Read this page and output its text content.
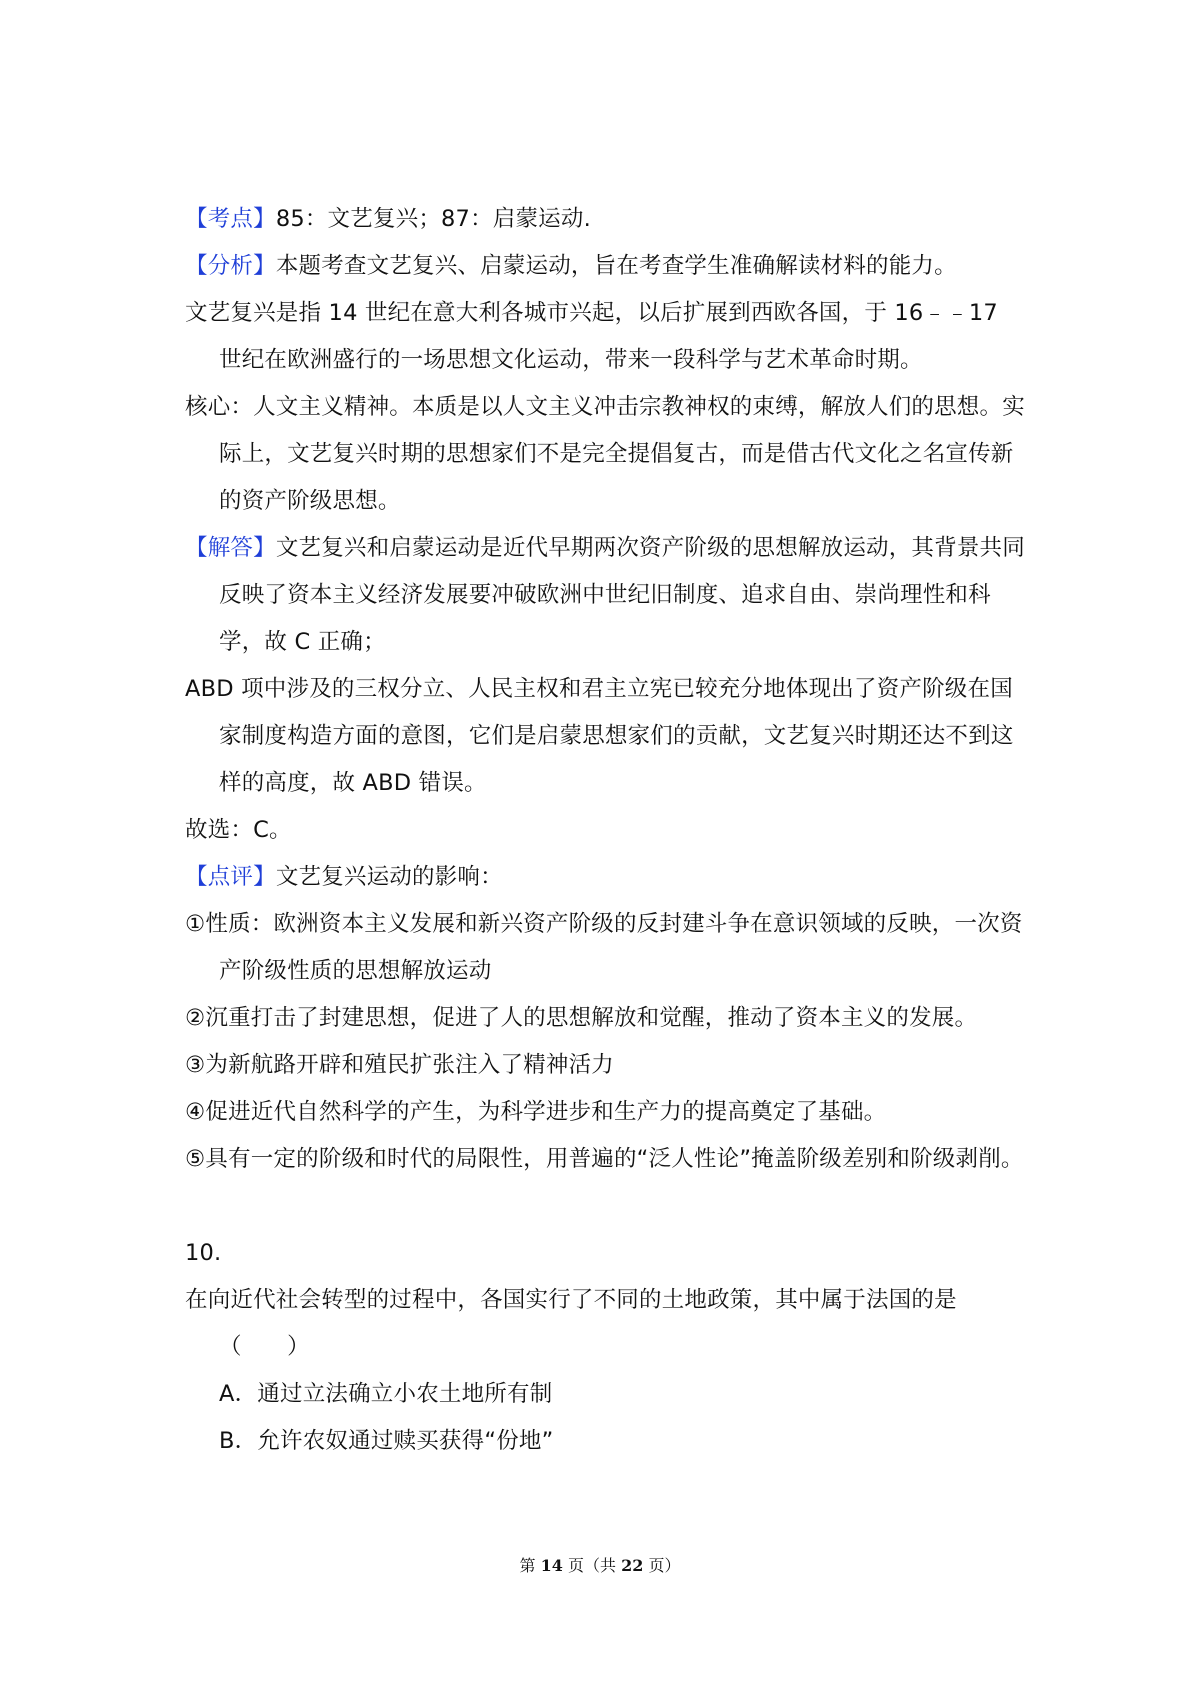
【考点】85：文艺复兴；87：启蒙运动.

【分析】本题考查文艺复兴、启蒙运动，旨在考查学生准确解读材料的能力。

文艺复兴是指 14 世纪在意大利各城市兴起，以后扩展到西欧各国，于 16﹣﹣17 世纪在欧洲盛行的一场思想文化运动，带来一段科学与艺术革命时期。

核心：人文主义精神。本质是以人文主义冲击宗教神权的束缚，解放人们的思想。实际上，文艺复兴时期的思想家们不是完全提倡复古，而是借古代文化之名宣传新的资产阶级思想。

【解答】文艺复兴和启蒙运动是近代早期两次资产阶级的思想解放运动，其背景共同反映了资本主义经济发展要冲破欧洲中世纪旧制度、追求自由、崇尚理性和科学，故 C 正确；

ABD 项中涉及的三权分立、人民主权和君主立宪已较充分地体现出了资产阶级在国家制度构造方面的意图，它们是启蒙思想家们的贡献，文艺复兴时期还达不到这样的高度，故 ABD 错误。

故选：C。

【点评】文艺复兴运动的影响：

①性质：欧洲资本主义发展和新兴资产阶级的反封建斗争在意识领域的反映，一次资产阶级性质的思想解放运动

②沉重打击了封建思想，促进了人的思想解放和觉醒，推动了资本主义的发展。

③为新航路开辟和殖民扩张注入了精神活力

④促进近代自然科学的产生，为科学进步和生产力的提高奠定了基础。

⑤具有一定的阶级和时代的局限性，用普遍的“泛人性论”掩盖阶级差别和阶级剥削。

10.

在向近代社会转型的过程中，各国实行了不同的土地政策，其中属于法国的是（　　）

A．通过立法确立小农土地所有制

B．允许农奴通过赎买获得“份地”

第 14 页（共 22 页）
